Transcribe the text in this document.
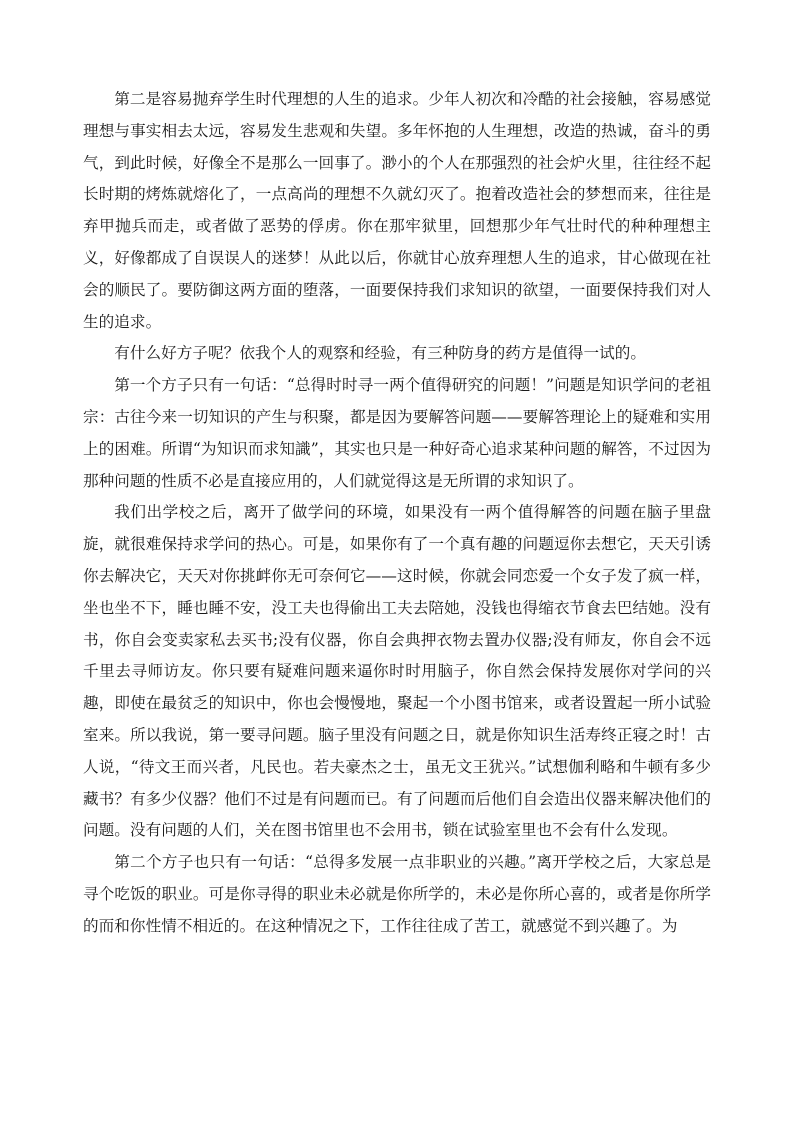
第二是容易抛弃学生时代理想的人生的追求。少年人初次和冷酷的社会接触，容易感觉理想与事实相去太远，容易发生悲观和失望。多年怀抱的人生理想，改造的热诚，奋斗的勇气，到此时候，好像全不是那么一回事了。渺小的个人在那强烈的社会炉火里，往往经不起长时期的烤炼就熔化了，一点高尚的理想不久就幻灭了。抱着改造社会的梦想而来，往往是弃甲抛兵而走，或者做了恶势的俘虏。你在那牢狱里，回想那少年气壮时代的种种理想主义，好像都成了自误误人的迷梦！从此以后，你就甘心放弃理想人生的追求，甘心做现在社会的顺民了。要防御这两方面的堕落，一面要保持我们求知识的欲望，一面要保持我们对人生的追求。

有什么好方子呢？依我个人的观察和经验，有三种防身的药方是值得一试的。

第一个方子只有一句话：“总得时时寻一两个值得研究的问题！”问题是知识学问的老祖宗：古往今来一切知识的产生与积聚，都是因为要解答问题——要解答理论上的疑难和实用上的困难。所谓“为知识而求知識”，其实也只是一种好奇心追求某种问题的解答，不过因为那种问题的性质不必是直接应用的，人们就觉得这是无所谓的求知识了。

我们出学校之后，离开了做学问的环境，如果没有一两个值得解答的问题在脑子里盘旋，就很难保持求学问的热心。可是，如果你有了一个真有趣的问题逗你去想它，天天引诱你去解决它，天天对你挑衅你无可奈何它——这时候，你就会同恋爱一个女子发了疯一样，坐也坐不下，睡也睡不安，没工夫也得偷出工夫去陪她，没钱也得缩衣节食去巴结她。没有书，你自会变卖家私去买书;没有仪器，你自会典押衣物去置办仪器;没有师友，你自会不远千里去寻师访友。你只要有疑难问题来逼你时时用脑子，你自然会保持发展你对学问的兴趣，即使在最贫乏的知识中，你也会慢慢地，聚起一个小图书馆来，或者设置起一所小试验室来。所以我说，第一要寻问题。脑子里没有问题之日，就是你知识生活寿终正寝之时！古人说，“待文王而兴者，凡民也。若夫豪杰之士，虽无文王犹兴。”试想伽利略和牛顿有多少藏书？有多少仪器？他们不过是有问题而已。有了问题而后他们自会造出仪器来解决他们的问题。没有问题的人们，关在图书馆里也不会用书，锁在试验室里也不会有什么发现。

第二个方子也只有一句话：“总得多发展一点非职业的兴趣。”离开学校之后，大家总是寻个吃饭的职业。可是你寻得的职业未必就是你所学的，未必是你所心喜的，或者是你所学的而和你性情不相近的。在这种情况之下，工作往往成了苦工，就感觉不到兴趣了。为
